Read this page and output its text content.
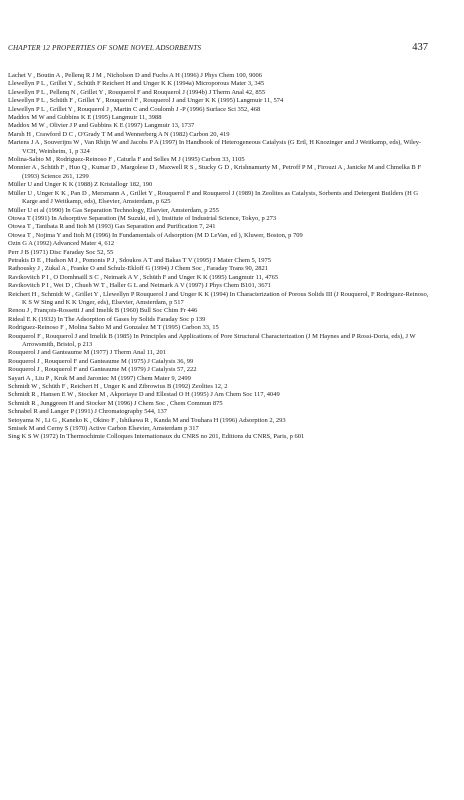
CHAPTER 12 PROPERTIES OF SOME NOVEL ADSORBENTS	437

Lachet V , Boutin A , Pellenq R J M , Nicholson D and Fuchs A H (1996) J Phys Chem 100, 9006

Llewellyn P L , Grillet Y , Schüth F Reichert H and Unger K K (1994a) Microporous Mater 3, 345

Llewellyn P L , Pellenq N , Grillet Y , Rouquerol F and Rouquerol J (1994b) J Therm Anal 42, 855

Llewellyn P L , Schüth F , Grillet Y , Rouquerol F , Rouquerol J and Unger K K (1995) Langmuir 11, 574

Llewellyn P L , Grillet Y , Rouquerol J , Martin C and Coulomb J -P (1996) Surface Sci 352, 468

Maddox M W and Gubbins K E (1995) Langmuir 11, 3988

Maddox M W , Olivier J P and Gubbins K E (1997) Langmuir 13, 1737

Marsh H , Crawford D C , O'Grady T M and Wennerberg A N (1982) Carbon 20, 419

Martens J A , Souverijns W , Van Rhijn W and Jacobs P A (1997) In Handbook of Heterogeneous Catalysis (G Ertl, H Knozinger and J Weitkamp, eds), Wiley-VCH, Weinheim, 1, p 324

Molina-Sabio M , Rodriguez-Reinoso F , Caturla F and Selles M J (1995) Carbon 33, 1105

Monnier A , Schüth F , Huo Q , Kumar D , Margolese D , Maxwell R S , Stucky G D , Krishnamurty M , Petroff P M , Firouzi A , Janicke M and Chmelka B F (1993) Science 261, 1299

Müller U and Unger K K (1988) Z Kristallogr 182, 190

Müller U , Unger K K , Pan D , Mersmann A , Grillet Y , Rouquerol F and Rouquerol J (1989) In Zeolites as Catalysts, Sorbents and Detergent Builders (H G Karge and J Weitkamp, eds), Elsevier, Amsterdam, p 625

Müller U et al (1990) In Gas Separation Technology, Elsevier, Amsterdam, p 255

Otowa T (1991) In Adsorptive Separation (M Suzuki, ed ), Institute of Industrial Science, Tokyo, p 273

Otowa T , Tanibata R and Itoh M (1993) Gas Separation and Purification 7, 241

Otowa T , Nojima Y and Itoh M (1996) In Fundamentals of Adsorption (M D LeVan, ed ), Kluwer, Boston, p 709

Ozin G A (1992) Advanced Mater 4, 612

Perr J B (1971) Disc Faraday Soc 52, 55

Petrakis D E , Hudson M J , Pomonis P J , Sdoukos A T and Bakas T V (1995) J Mater Chem 5, 1975

Rathousky J , Zukal A , Franke O and Schulz-Ekloff G (1994) J Chem Soc , Faraday Trans 90, 2821

Ravikovitch P I , O Domhnaill S C , Neimark A V , Schüth F and Unger K K (1995) Langmuir 11, 4765

Ravikovitch P I , Wei D , Chueh W T , Haller G L and Neimark A V (1997) J Phys Chem B101, 3671

Reichert H , Schmidt W , Grillet Y , Llewellyn P Rouquerol J and Unger K K (1994) In Characterization of Porous Solids III (J Rouquerol, F Rodriguez-Reinoso, K S W Sing and K K Unger, eds), Elsevier, Amsterdam, p 517

Renou J , François-Rossetti J and Imelik B (1960) Bull Soc Chim Fr 446

Rideal E K (1932) In The Adsorption of Gases by Solids Faraday Soc p 139

Rodriguez-Reinoso F , Molina Sabio M and Gonzalez M T (1995) Carbon 33, 15

Rouquerol F , Rouquerol J and Imelik B (1985) In Principles and Applications of Pore Structural Characterization (J M Haynes and P Rossi-Doria, eds), J W Arrowsmith, Bristol, p 213

Rouquerol J and Ganteaume M (1977) J Therm Anal 11, 201

Rouquerol J , Rouquerol F and Ganteaume M (1975) J Catalysis 36, 99

Rouquerol J , Rouquerol F and Ganteaume M (1979) J Catalysis 57, 222

Sayari A , Liu P , Kruk M and Jaroniec M (1997) Chem Mater 9, 2499

Schmidt W , Schüth F , Reichert H , Unger K and Zibrowius B (1992) Zeolites 12, 2

Schmidt R , Hansen E W , Stocker M , Akporiaye D and Ellestad O H (1995) J Am Chem Soc 117, 4049

Schmidt R , Junggreen H and Stocker M (1996) J Chem Soc , Chem Commun 875

Schnabel R and Langer P (1991) J Chromatography 544, 137

Setoyama N , Li G , Kaneko K , Okino F , Ishikawa R , Kanda M and Touhara H (1996) Adsorption 2, 293

Smisek M and Cerny S (1970) Active Carbon Elsevier, Amsterdam p 317

Sing K S W (1972) In Thermochimie Colloques Internationaux du CNRS no 201, Editions du CNRS, Paris, p 601
